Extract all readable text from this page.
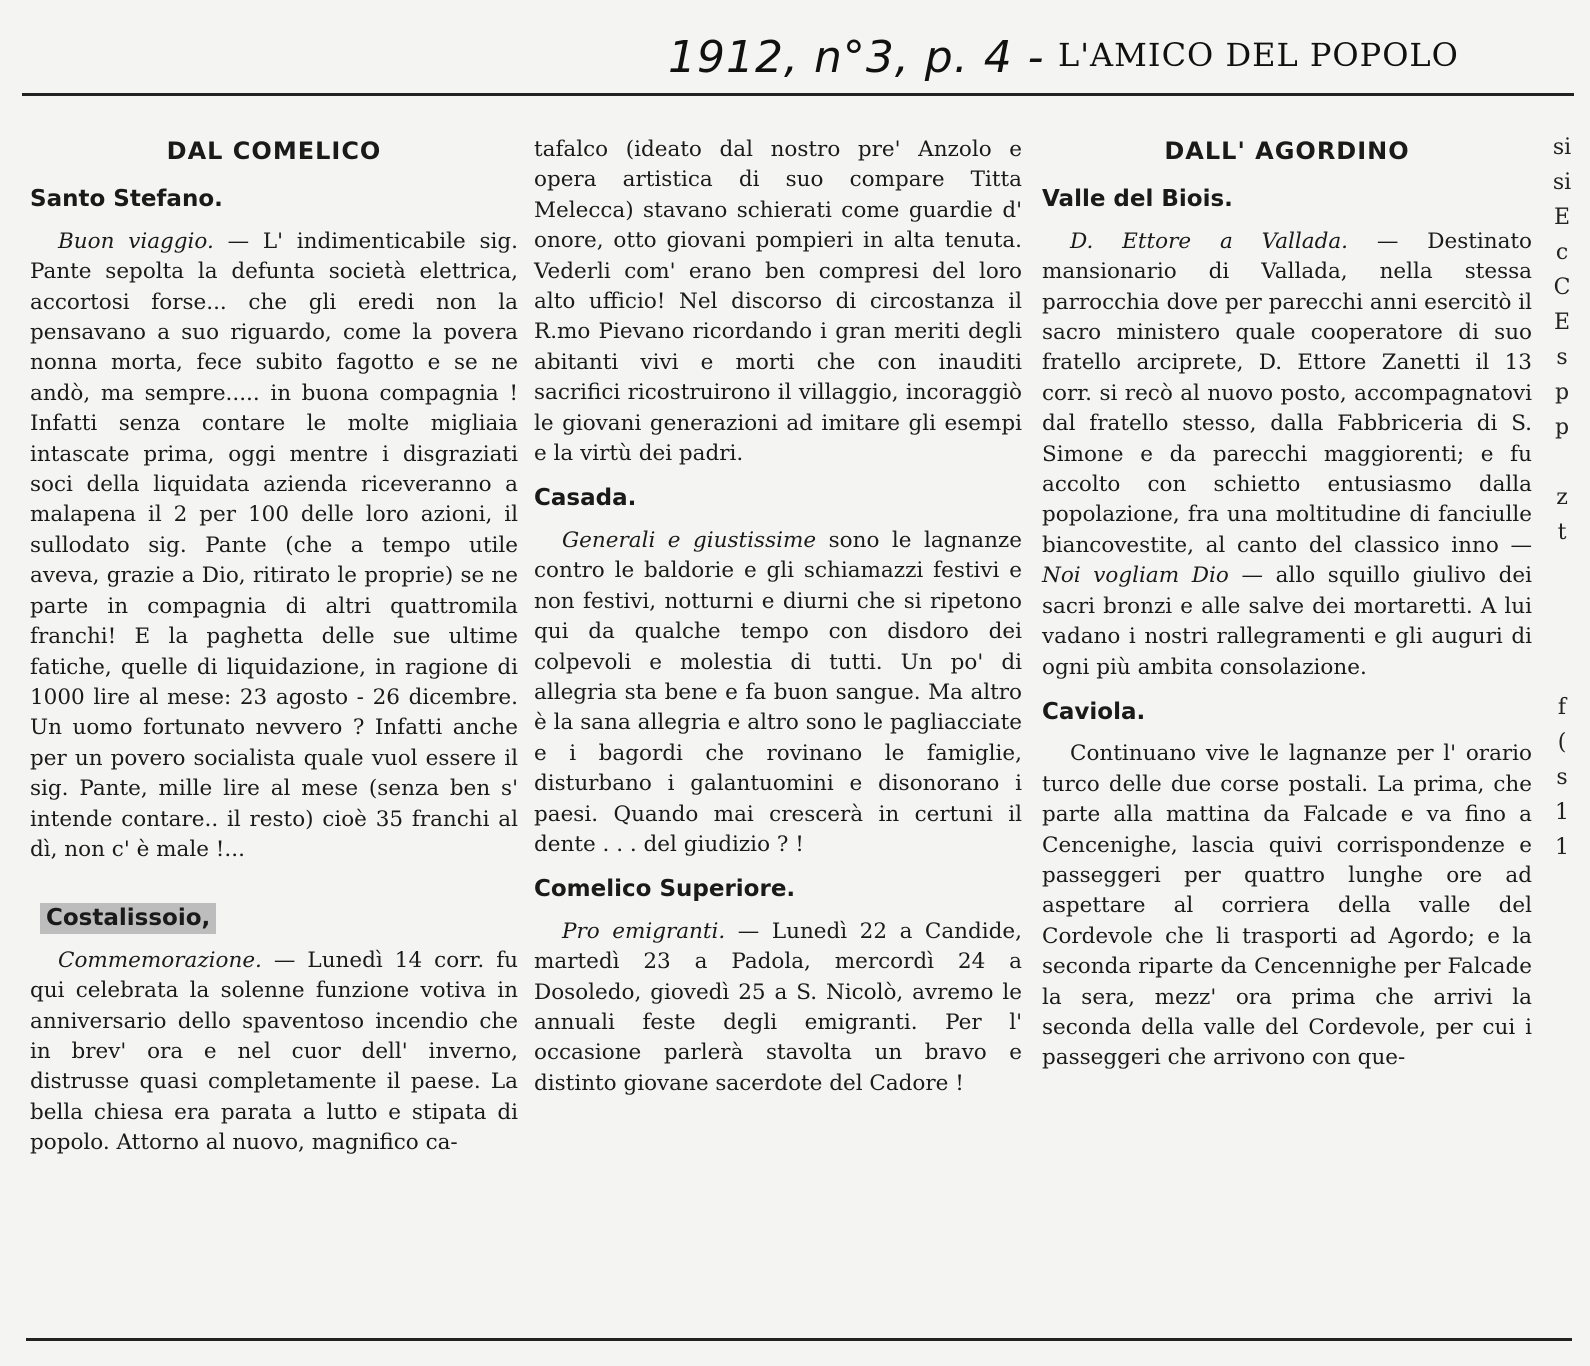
1912, n°3, p. 4 - L'AMICO DEL POPOLO
DAL COMELICO
Santo Stefano.

Buon viaggio. — L' indimenticabile sig. Pante sepolta la defunta società elettrica, accortosi forse... che gli eredi non la pensavano a suo riguardo, come la povera nonna morta, fece subito fagotto e se ne andò, ma sempre..... in buona compagnia ! Infatti senza contare le molte migliaia intascate prima, oggi mentre i disgraziati soci della liquidata azienda riceveranno a malapena il 2 per 100 delle loro azioni, il sullodato sig. Pante (che a tempo utile aveva, grazie a Dio, ritirato le proprie) se ne parte in compagnia di altri quattromila franchi! E la paghetta delle sue ultime fatiche, quelle di liquidazione, in ragione di 1000 lire al mese: 23 agosto - 26 dicembre. Un uomo fortunato nevvero ? Infatti anche per un povero socialista quale vuol essere il sig. Pante, mille lire al mese (senza ben s' intende contare.. il resto) cioè 35 franchi al dì, non c' è male !...

Costalissoio,

Commemorazione. — Lunedì 14 corr. fu qui celebrata la solenne funzione votiva in anniversario dello spaventoso incendio che in brev' ora e nel cuor dell' inverno, distrusse quasi completamente il paese. La bella chiesa era parata a lutto e stipata di popolo. Attorno al nuovo, magnifico ca-

tafalco (ideato dal nostro pre' Anzolo e opera artistica di suo compare Titta Melecca) stavano schierati come guardie d' onore, otto giovani pompieri in alta tenuta. Vederli com' erano ben compresi del loro alto ufficio! Nel discorso di circostanza il R.mo Pievano ricordando i gran meriti degli abitanti vivi e morti che con inauditi sacrifici ricostruirono il villaggio, incoraggiò le giovani generazioni ad imitare gli esempi e la virtù dei padri.

Casada.

Generali e giustissime sono le lagnanze contro le baldorie e gli schiamazzi festivi e non festivi, notturni e diurni che si ripetono qui da qualche tempo con disdoro dei colpevoli e molestia di tutti. Un po' di allegria sta bene e fa buon sangue. Ma altro è la sana allegria e altro sono le pagliacciate e i bagordi che rovinano le famiglie, disturbano i galantuomini e disonorano i paesi. Quando mai crescerà in certuni il dente . . . del giudizio ? !

Comelico Superiore.

Pro emigranti. — Lunedì 22 a Candide, martedì 23 a Padola, mercordì 24 a Dosoledo, giovedì 25 a S. Nicolò, avremo le annuali feste degli emigranti. Per l' occasione parlerà stavolta un bravo e distinto giovane sacerdote del Cadore !

DALL' AGORDINO
Valle del Biois.

D. Ettore a Vallada. — Destinato mansionario di Vallada, nella stessa parrocchia dove per parecchi anni esercitò il sacro ministero quale cooperatore di suo fratello arciprete, D. Ettore Zanetti il 13 corr. si recò al nuovo posto, accompagnatovi dal fratello stesso, dalla Fabbriceria di S. Simone e da parecchi maggiorenti; e fu accolto con schietto entusiasmo dalla popolazione, fra una moltitudine di fanciulle biancovestite, al canto del classico inno — Noi vogliam Dio — allo squillo giulivo dei sacri bronzi e alle salve dei mortaretti. A lui vadano i nostri rallegramenti e gli auguri di ogni più ambita consolazione.

Caviola.

Continuano vive le lagnanze per l' orario turco delle due corse postali. La prima, che parte alla mattina da Falcade e va fino a Cencenighe, lascia quivi corrispondenze e passeggeri per quattro lunghe ore ad aspettare al corriera della valle del Cordevole che li trasporti ad Agordo; e la seconda riparte da Cencennighe per Falcade la sera, mezz' ora prima che arrivi la seconda della valle del Cordevole, per cui i passeggeri che arrivono con que-

si
si
E
c
C
E
s
p
p
z
t
f
(
s
1
1
